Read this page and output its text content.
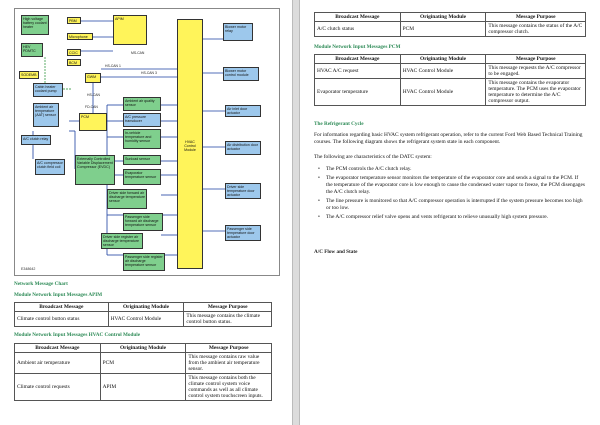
High voltage battery coolant heater
HEV PDMTC
SODEMB
Cabin heater coolant pump
Ambient air temperature (AAT) sensor
A/C clutch relay
A/C compressor clutch field coil
PBM
Microphone
CCIC
BCM
APIM
GWM
PCM
Externally Controlled Variable Displacement Compressor (EVDC)
Ambient air quality sensor
A/C pressure transducer
In-vehicle temperature and humidity sensor
Sunload sensor
Evaporator temperature sensor
Driver side forward air discharge temperature sensor
Passenger side forward air discharge temperature sensor
Driver side register air discharge temperature sensor
Passenger side register air discharge temperature sensor
HVAC Control Module
Blower motor relay
Blower motor control module
Air inlet door actuator
Air distribution door actuator
Driver side temperature door actuator
Passenger side temperature door actuator
HS-CAN 1
HS-CAN 3
HS-CAN
FD-CAN
MS-CAN
E348642
Network Message Chart
Module Network Input Messages APIM
Broadcast Message	Originating Module	Message Purpose
Climate control button status	HVAC Control Module	This message contains the climate control button status.
Module Network Input Messages HVAC Control Module
Broadcast Message	Originating Module	Message Purpose
Ambient air temperature	PCM	This message contains raw value from the ambient air temperature sensor.
Climate control requests	APIM	This message contains both the climate control system voice commands as well as all climate control system touchscreen inputs.
Broadcast Message	Originating Module	Message Purpose
A/C clutch status	PCM	This message contains the status of the A/C compressor clutch.
Module Network Input Messages PCM
Broadcast Message	Originating Module	Message Purpose
HVAC A/C request	HVAC Control Module	This message requests the A/C compressor to be engaged.
Evaporator temperature	HVAC Control Module	This message contains the evaporator temperature. The PCM uses the evaporator temperature to determine the A/C compressor output.
The Refrigerant Cycle
For information regarding basic HVAC system refrigerant operation, refer to the current Ford Web Based Technical Training courses. The following diagram shows the refrigerant system state in each component.
The following are characteristics of the DATC system:
• The PCM controls the A/C clutch relay.
• The evaporator temperature sensor monitors the temperature of the evaporator core and sends a signal to the PCM. If the temperature of the evaporator core is low enough to cause the condensed water vapor to freeze, the PCM disengages the A/C clutch relay.
• The line pressure is monitored so that A/C compressor operation is interrupted if the system pressure becomes too high or too low.
• The A/C compressor relief valve opens and vents refrigerant to relieve unusually high system pressure.
A/C Flow and State
